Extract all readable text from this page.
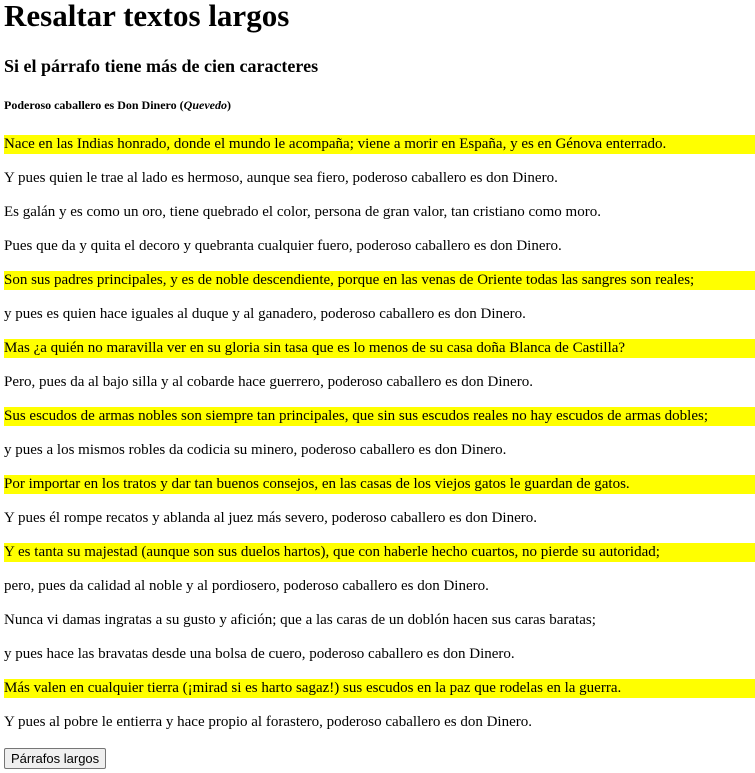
Resaltar textos largos
Si el párrafo tiene más de cien caracteres
Poderoso caballero es Don Dinero (Quevedo)

Nace en las Indias honrado, donde el mundo le acompaña; viene a morir en España, y es en Génova enterrado.

Y pues quien le trae al lado es hermoso, aunque sea fiero, poderoso caballero es don Dinero.

Es galán y es como un oro, tiene quebrado el color, persona de gran valor, tan cristiano como moro.

Pues que da y quita el decoro y quebranta cualquier fuero, poderoso caballero es don Dinero.

Son sus padres principales, y es de noble descendiente, porque en las venas de Oriente todas las sangres son reales;

y pues es quien hace iguales al duque y al ganadero, poderoso caballero es don Dinero.

Mas ¿a quién no maravilla ver en su gloria sin tasa que es lo menos de su casa doña Blanca de Castilla?

Pero, pues da al bajo silla y al cobarde hace guerrero, poderoso caballero es don Dinero.

Sus escudos de armas nobles son siempre tan principales, que sin sus escudos reales no hay escudos de armas dobles;

y pues a los mismos robles da codicia su minero, poderoso caballero es don Dinero.

Por importar en los tratos y dar tan buenos consejos, en las casas de los viejos gatos le guardan de gatos.

Y pues él rompe recatos y ablanda al juez más severo, poderoso caballero es don Dinero.

Y es tanta su majestad (aunque son sus duelos hartos), que con haberle hecho cuartos, no pierde su autoridad;

pero, pues da calidad al noble y al pordiosero, poderoso caballero es don Dinero.

Nunca vi damas ingratas a su gusto y afición; que a las caras de un doblón hacen sus caras baratas;

y pues hace las bravatas desde una bolsa de cuero, poderoso caballero es don Dinero.

Más valen en cualquier tierra (¡mirad si es harto sagaz!) sus escudos en la paz que rodelas en la guerra.

Y pues al pobre le entierra y hace propio al forastero, poderoso caballero es don Dinero.

Párrafos largos
